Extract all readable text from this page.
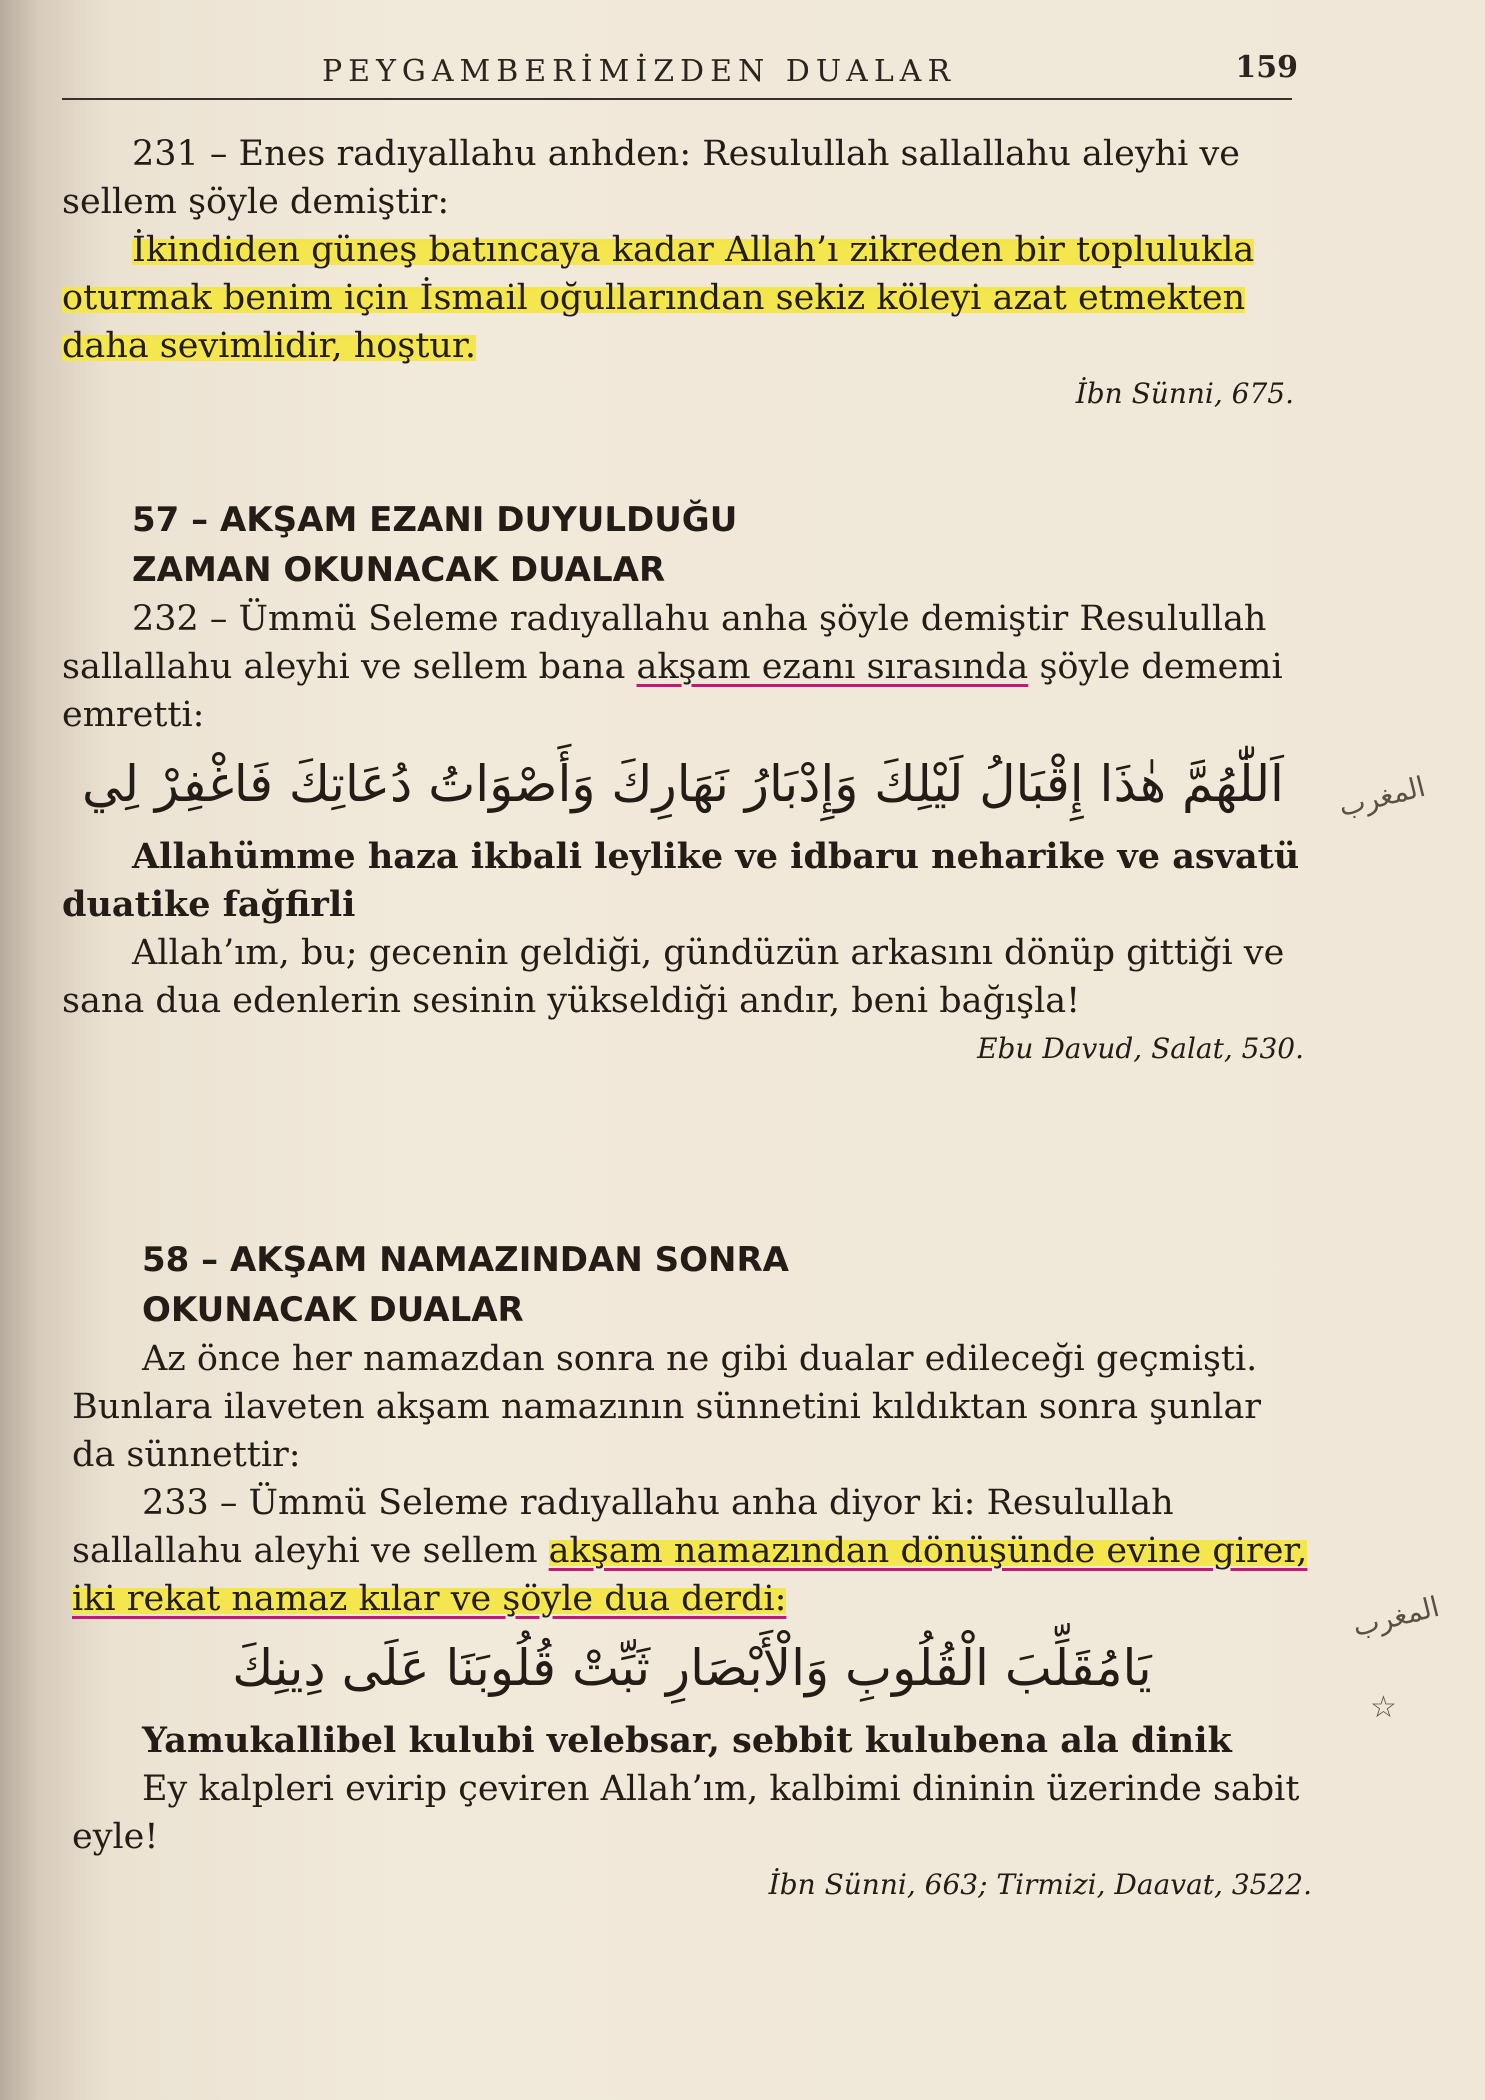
PEYGAMBERİMİZDEN DUALAR	159

231 – Enes radıyallahu anhden: Resulullah sallallahu aleyhi ve sellem şöyle demiştir:

İkindiden güneş batıncaya kadar Allah’ı zikreden bir toplulukla oturmak benim için İsmail oğullarından sekiz köleyi azat etmekten daha sevimlidir, hoştur.

İbn Sünni, 675.

57 – AKŞAM EZANI DUYULDUĞU

ZAMAN OKUNACAK DUALAR

232 – Ümmü Seleme radıyallahu anha şöyle demiştir Resulullah sallallahu aleyhi ve sellem bana akşam ezanı sırasında şöyle dememi emretti:

اَللّٰهُمَّ هٰذَا إِقْبَالُ لَيْلِكَ وَإِدْبَارُ نَهَارِكَ وَأَصْوَاتُ دُعَاتِكَ فَاغْفِرْ لِي

Allahümme haza ikbali leylike ve idbaru neharike ve asvatü duatike fağfirli

Allah’ım, bu; gecenin geldiği, gündüzün arkasını dönüp gittiği ve sana dua edenlerin sesinin yükseldiği andır, beni bağışla!

Ebu Davud, Salat, 530.

المغرب

58 – AKŞAM NAMAZINDAN SONRA

OKUNACAK DUALAR

Az önce her namazdan sonra ne gibi dualar edileceği geçmişti. Bunlara ilaveten akşam namazının sünnetini kıldıktan sonra şunlar da sünnettir:

233 – Ümmü Seleme radıyallahu anha diyor ki: Resulullah sallallahu aleyhi ve sellem akşam namazından dönüşünde evine girer, iki rekat namaz kılar ve şöyle dua derdi:

يَامُقَلِّبَ الْقُلُوبِ وَالْأَبْصَارِ ثَبِّتْ قُلُوبَنَا عَلَى دِينِكَ

Yamukallibel kulubi velebsar, sebbit kulubena ala dinik

Ey kalpleri evirip çeviren Allah’ım, kalbimi dininin üzerinde sabit eyle!

İbn Sünni, 663; Tirmizi, Daavat, 3522.

المغرب
☆
